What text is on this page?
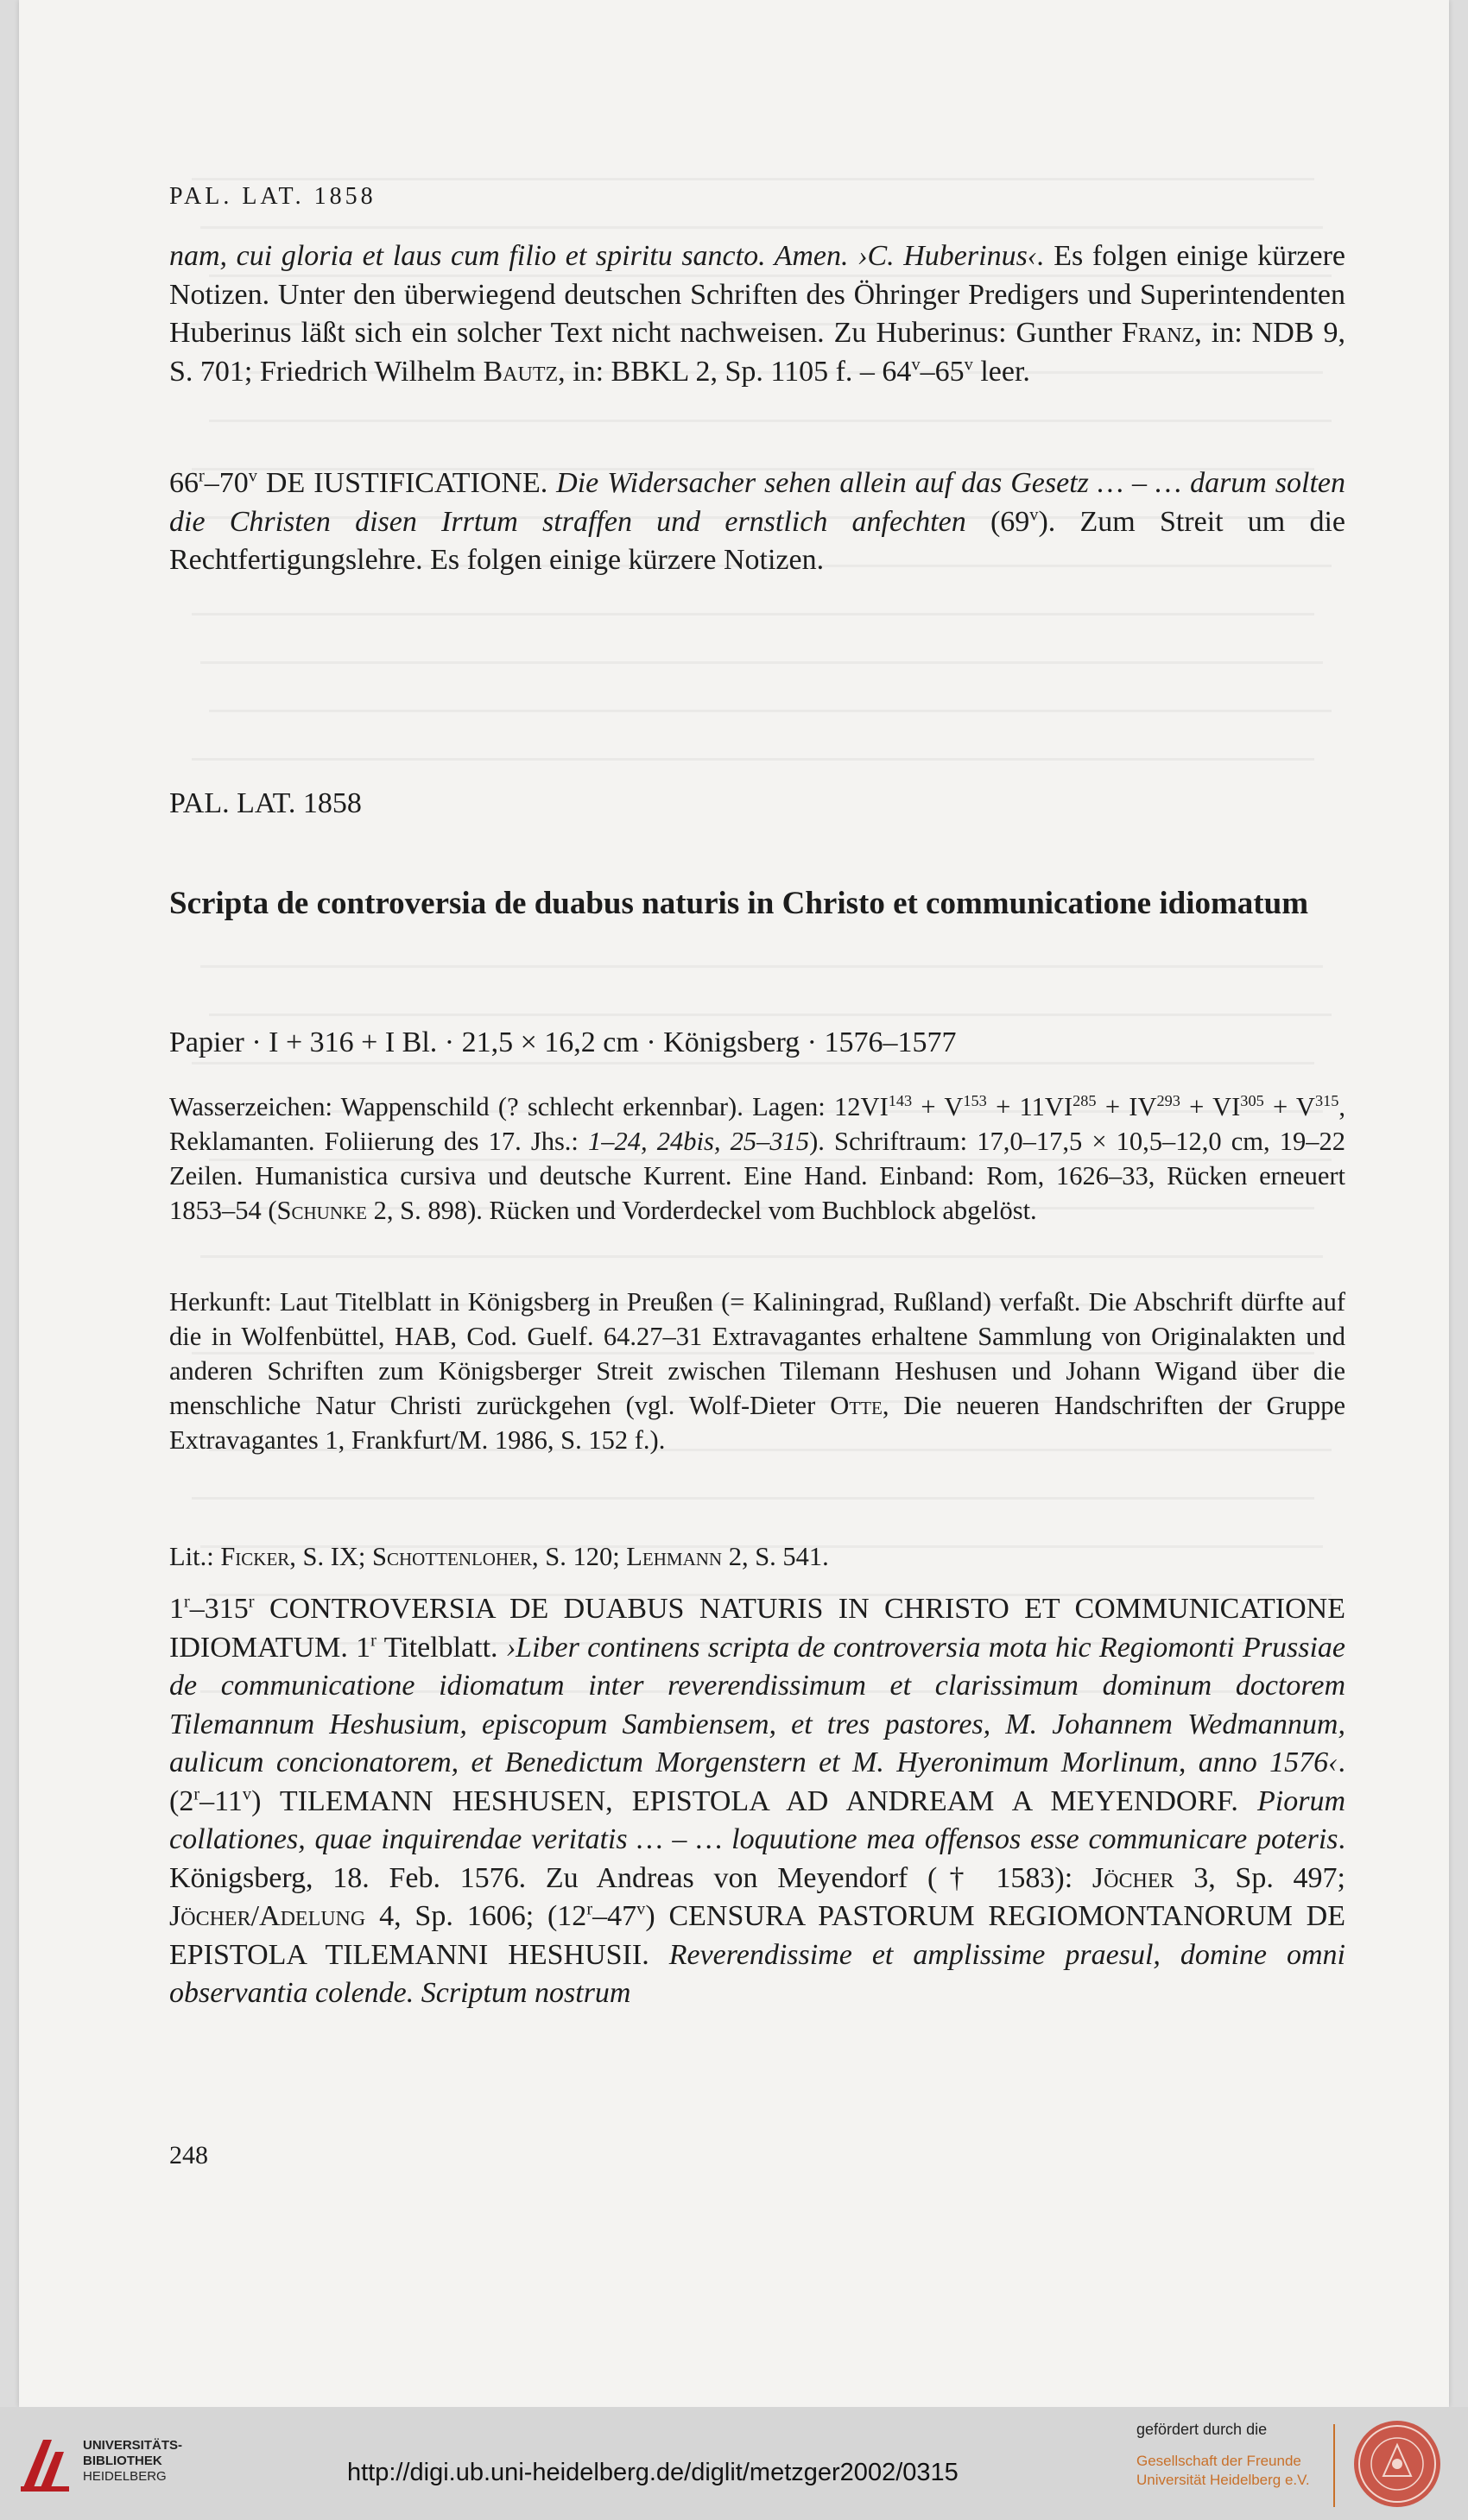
PAL. LAT. 1858
nam, cui gloria et laus cum filio et spiritu sancto. Amen. ›C. Huberinus‹. Es folgen einige kürzere Notizen. Unter den überwiegend deutschen Schriften des Öhringer Predigers und Superintendenten Huberinus läßt sich ein solcher Text nicht nachweisen. Zu Huberinus: Gunther Franz, in: NDB 9, S. 701; Friedrich Wilhelm Bautz, in: BBKL 2, Sp. 1105 f. – 64$^v$–65$^v$ leer.
66$^r$–70$^v$ DE IUSTIFICATIONE. Die Widersacher sehen allein auf das Gesetz … – … darum solten die Christen disen Irrtum straffen und ernstlich anfechten (69$^v$). Zum Streit um die Rechtfertigungslehre. Es folgen einige kürzere Notizen.
PAL. LAT. 1858
Scripta de controversia de duabus naturis in Christo et communicatione idiomatum
Papier · I + 316 + I Bl. · 21,5 × 16,2 cm · Königsberg · 1576–1577
Wasserzeichen: Wappenschild (? schlecht erkennbar). Lagen: $12VI^{143} + V^{153} + 11VI^{285} + IV^{293} + VI^{305} + V^{315}$, Reklamanten. Foliierung des 17. Jhs.: 1–24, 24bis, 25–315). Schriftraum: 17,0–17,5 × 10,5–12,0 cm, 19–22 Zeilen. Humanistica cursiva und deutsche Kurrent. Eine Hand. Einband: Rom, 1626–33, Rücken erneuert 1853–54 (Schunke 2, S. 898). Rücken und Vorderdeckel vom Buchblock abgelöst.
Herkunft: Laut Titelblatt in Königsberg in Preußen (= Kaliningrad, Rußland) verfaßt. Die Abschrift dürfte auf die in Wolfenbüttel, HAB, Cod. Guelf. 64.27–31 Extravagantes erhaltene Sammlung von Originalakten und anderen Schriften zum Königsberger Streit zwischen Tilemann Heshusen und Johann Wigand über die menschliche Natur Christi zurückgehen (vgl. Wolf-Dieter Otte, Die neueren Handschriften der Gruppe Extravagantes 1, Frankfurt/M. 1986, S. 152 f.).
Lit.: Ficker, S. IX; Schottenloher, S. 120; Lehmann 2, S. 541.
1$^r$–315$^r$ CONTROVERSIA DE DUABUS NATURIS IN CHRISTO ET COMMUNICATIONE IDIOMATUM. 1$^r$ Titelblatt. ›Liber continens scripta de controversia mota hic Regiomonti Prussiae de communicatione idiomatum inter reverendissimum et clarissimum dominum doctorem Tilemannum Heshusium, episcopum Sambiensem, et tres pastores, M. Johannem Wedmannum, aulicum concionatorem, et Benedictum Morgenstern et M. Hyeronimum Morlinum, anno 1576‹. (2$^r$–11$^v$) TILEMANN HESHUSEN, EPISTOLA AD ANDREAM A MEYENDORF. Piorum collationes, quae inquirendae veritatis … – … loquutione mea offensos esse communicare poteris. Königsberg, 18. Feb. 1576. Zu Andreas von Meyendorf († 1583): Jöcher 3, Sp. 497; Jöcher/Adelung 4, Sp. 1606; (12$^r$–47$^v$) CENSURA PASTORUM REGIOMONTANORUM DE EPISTOLA TILEMANNI HESHUSII. Reverendissime et amplissime praesul, domine omni observantia colende. Scriptum nostrum
248
UNIVERSITÄTS-
BIBLIOTHEK
HEIDELBERG	http://digi.ub.uni-heidelberg.de/diglit/metzger2002/0315
gefördert durch die
Gesellschaft der Freunde
Universität Heidelberg e.V.
